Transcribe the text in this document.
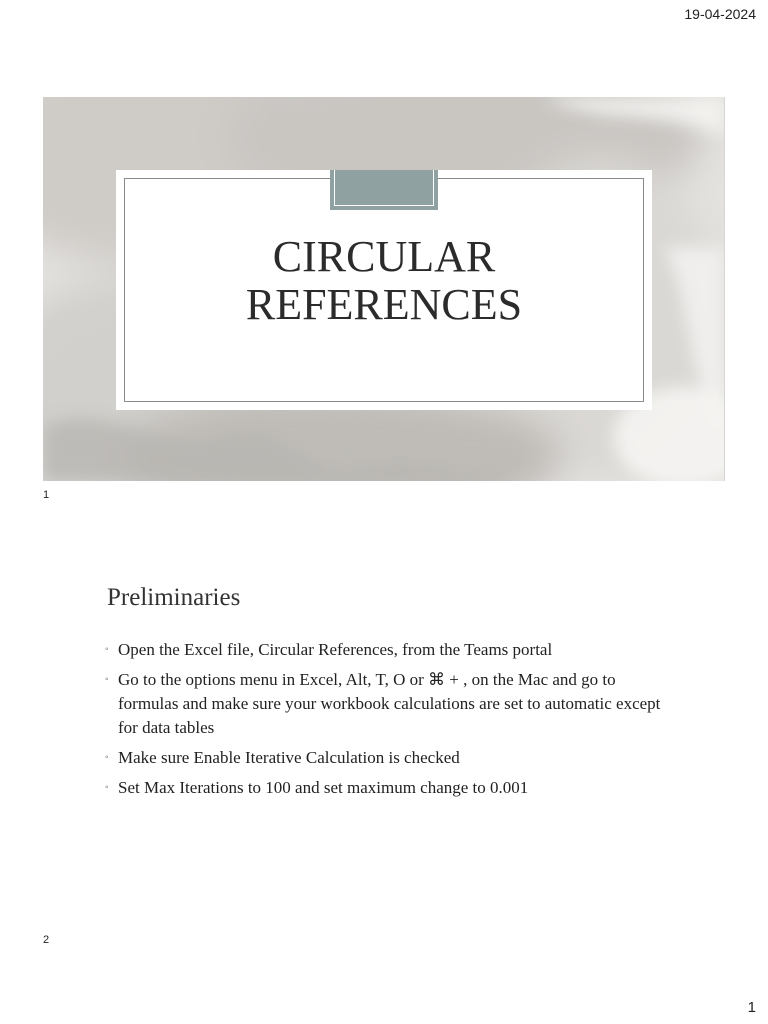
19-04-2024
CIRCULAR
REFERENCES
1
Preliminaries
◦ Open the Excel file, Circular References, from the Teams portal
◦ Go to the options menu in Excel, Alt, T, O or ⌘ + , on the Mac and go to formulas and make sure your workbook calculations are set to automatic except for data tables
◦ Make sure Enable Iterative Calculation is checked
◦ Set Max Iterations to 100 and set maximum change to 0.001
2
1
